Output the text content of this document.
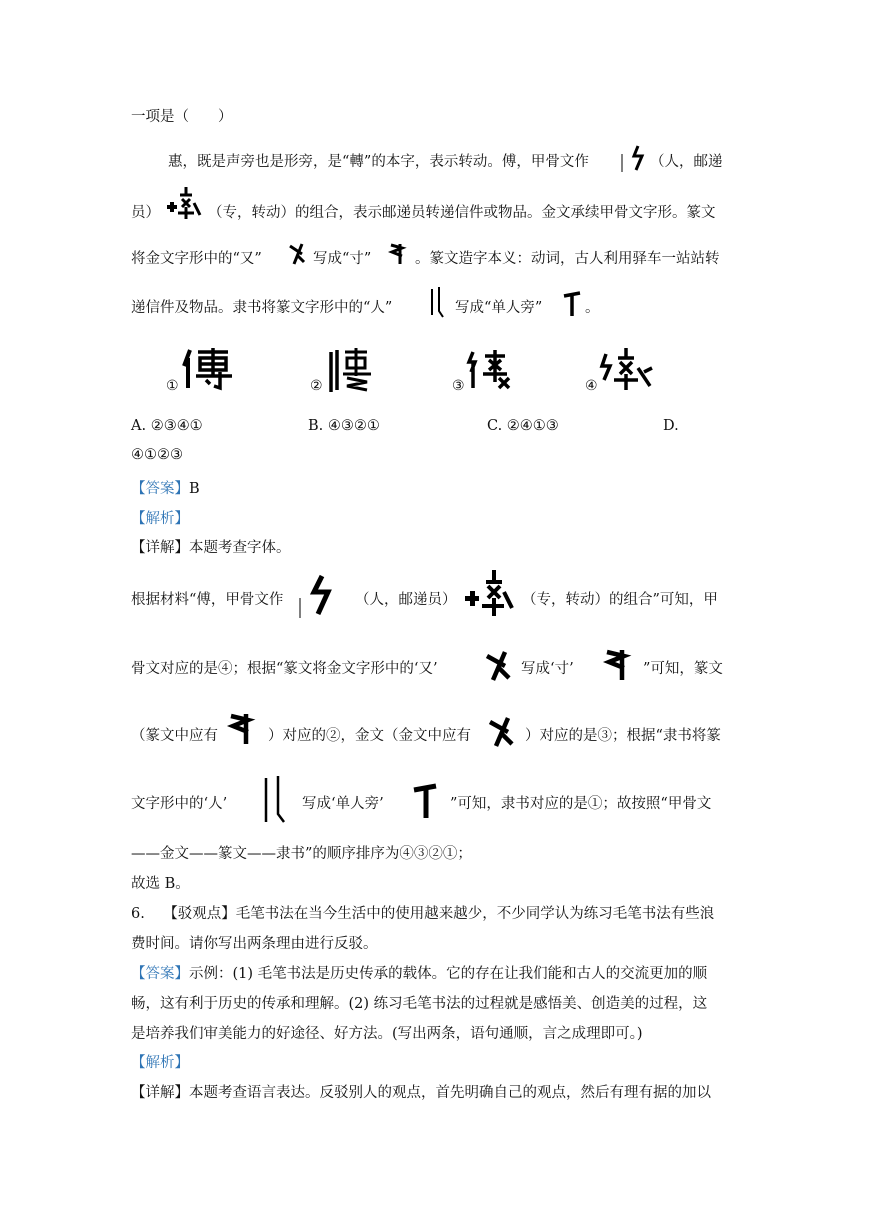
一项是（　　）
惠，既是声旁也是形旁，是“轉”的本字，表示转动。傅，甲骨文作	（人，邮递
员）	（专，转动）的组合，表示邮递员转递信件或物品。金文承续甲骨文字形。篆文
将金文字形中的“又”	写成“寸”	。篆文造字本义：动词，古人利用驿车一站站转
递信件及物品。隶书将篆文字形中的“人”	写成“单人旁”	。
①	②	③	④
A. ②③④①	B. ④③②①	C. ②④①③	D.
④①②③
【答案】B
【解析】
【详解】本题考查字体。
根据材料“傅，甲骨文作	（人，邮递员）	（专，转动）的组合”可知，甲
骨文对应的是④；根据“篆文将金文字形中的‘又’	写成‘寸’	”可知，篆文
（篆文中应有	）对应的②，金文（金文中应有	）对应的是③；根据“隶书将篆
文字形中的‘人’	写成‘单人旁’	”可知，隶书对应的是①；故按照“甲骨文
——金文——篆文——隶书”的顺序排序为④③②①；
故选 B。
6. 【驳观点】毛笔书法在当今生活中的使用越来越少，不少同学认为练习毛笔书法有些浪
费时间。请你写出两条理由进行反驳。
【答案】示例：(1) 毛笔书法是历史传承的载体。它的存在让我们能和古人的交流更加的顺
畅，这有利于历史的传承和理解。(2) 练习毛笔书法的过程就是感悟美、创造美的过程，这
是培养我们审美能力的好途径、好方法。(写出两条，语句通顺，言之成理即可。)
【解析】
【详解】本题考查语言表达。反驳别人的观点，首先明确自己的观点，然后有理有据的加以
